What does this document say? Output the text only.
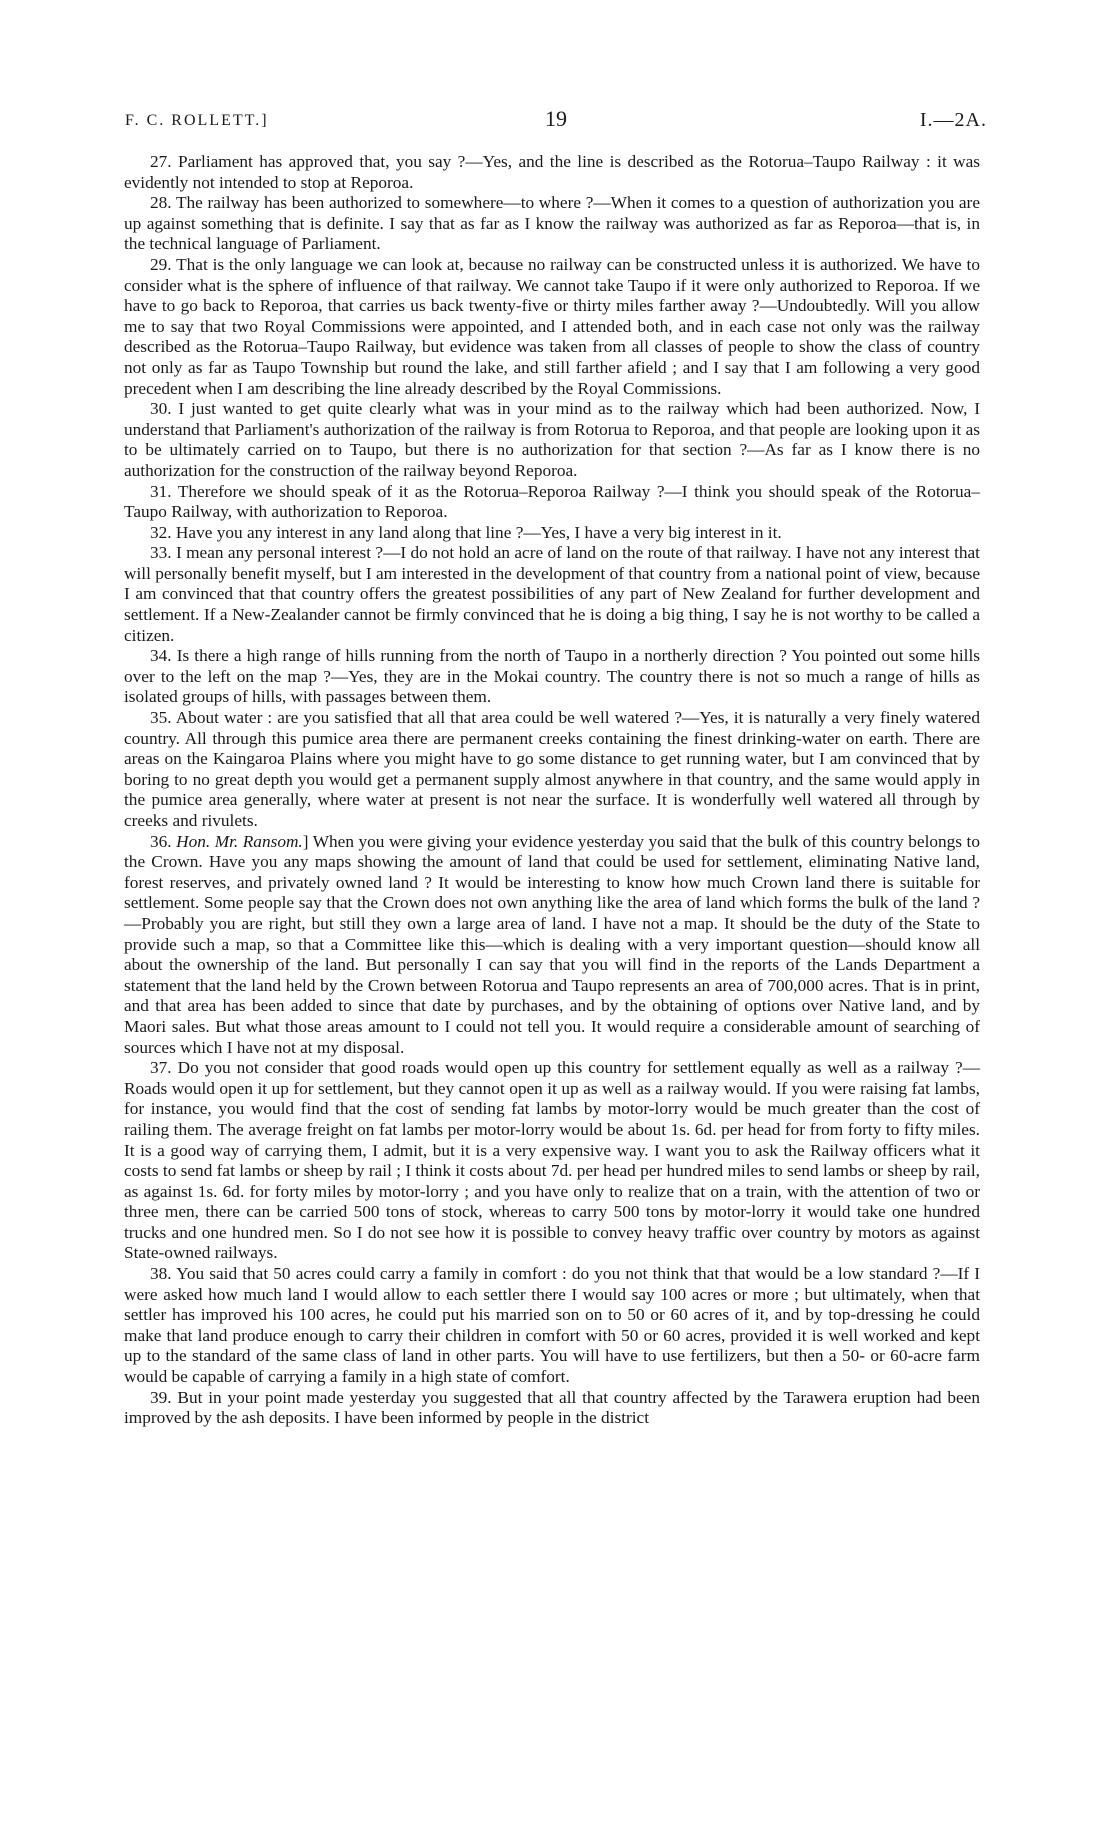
F. C. ROLLETT.]	19	I.—2A.

27. Parliament has approved that, you say ?—Yes, and the line is described as the Rotorua–Taupo Railway : it was evidently not intended to stop at Reporoa.

28. The railway has been authorized to somewhere—to where ?—When it comes to a question of authorization you are up against something that is definite. I say that as far as I know the railway was authorized as far as Reporoa—that is, in the technical language of Parliament.

29. That is the only language we can look at, because no railway can be constructed unless it is authorized. We have to consider what is the sphere of influence of that railway. We cannot take Taupo if it were only authorized to Reporoa. If we have to go back to Reporoa, that carries us back twenty-five or thirty miles farther away ?—Undoubtedly. Will you allow me to say that two Royal Commissions were appointed, and I attended both, and in each case not only was the railway described as the Rotorua–Taupo Railway, but evidence was taken from all classes of people to show the class of country not only as far as Taupo Township but round the lake, and still farther afield ; and I say that I am following a very good precedent when I am describing the line already described by the Royal Commissions.

30. I just wanted to get quite clearly what was in your mind as to the railway which had been authorized. Now, I understand that Parliament's authorization of the railway is from Rotorua to Reporoa, and that people are looking upon it as to be ultimately carried on to Taupo, but there is no authorization for that section ?—As far as I know there is no authorization for the construction of the railway beyond Reporoa.

31. Therefore we should speak of it as the Rotorua–Reporoa Railway ?—I think you should speak of the Rotorua–Taupo Railway, with authorization to Reporoa.

32. Have you any interest in any land along that line ?—Yes, I have a very big interest in it.

33. I mean any personal interest ?—I do not hold an acre of land on the route of that railway. I have not any interest that will personally benefit myself, but I am interested in the development of that country from a national point of view, because I am convinced that that country offers the greatest possibilities of any part of New Zealand for further development and settlement. If a New-Zealander cannot be firmly convinced that he is doing a big thing, I say he is not worthy to be called a citizen.

34. Is there a high range of hills running from the north of Taupo in a northerly direction ? You pointed out some hills over to the left on the map ?—Yes, they are in the Mokai country. The country there is not so much a range of hills as isolated groups of hills, with passages between them.

35. About water : are you satisfied that all that area could be well watered ?—Yes, it is naturally a very finely watered country. All through this pumice area there are permanent creeks containing the finest drinking-water on earth. There are areas on the Kaingaroa Plains where you might have to go some distance to get running water, but I am convinced that by boring to no great depth you would get a permanent supply almost anywhere in that country, and the same would apply in the pumice area generally, where water at present is not near the surface. It is wonderfully well watered all through by creeks and rivulets.

36. Hon. Mr. Ransom.] When you were giving your evidence yesterday you said that the bulk of this country belongs to the Crown. Have you any maps showing the amount of land that could be used for settlement, eliminating Native land, forest reserves, and privately owned land ? It would be interesting to know how much Crown land there is suitable for settlement. Some people say that the Crown does not own anything like the area of land which forms the bulk of the land ?—Probably you are right, but still they own a large area of land. I have not a map. It should be the duty of the State to provide such a map, so that a Committee like this—which is dealing with a very important question—should know all about the ownership of the land. But personally I can say that you will find in the reports of the Lands Department a statement that the land held by the Crown between Rotorua and Taupo represents an area of 700,000 acres. That is in print, and that area has been added to since that date by purchases, and by the obtaining of options over Native land, and by Maori sales. But what those areas amount to I could not tell you. It would require a considerable amount of searching of sources which I have not at my disposal.

37. Do you not consider that good roads would open up this country for settlement equally as well as a railway ?—Roads would open it up for settlement, but they cannot open it up as well as a railway would. If you were raising fat lambs, for instance, you would find that the cost of sending fat lambs by motor-lorry would be much greater than the cost of railing them. The average freight on fat lambs per motor-lorry would be about 1s. 6d. per head for from forty to fifty miles. It is a good way of carrying them, I admit, but it is a very expensive way. I want you to ask the Railway officers what it costs to send fat lambs or sheep by rail ; I think it costs about 7d. per head per hundred miles to send lambs or sheep by rail, as against 1s. 6d. for forty miles by motor-lorry ; and you have only to realize that on a train, with the attention of two or three men, there can be carried 500 tons of stock, whereas to carry 500 tons by motor-lorry it would take one hundred trucks and one hundred men. So I do not see how it is possible to convey heavy traffic over country by motors as against State-owned railways.

38. You said that 50 acres could carry a family in comfort : do you not think that that would be a low standard ?—If I were asked how much land I would allow to each settler there I would say 100 acres or more ; but ultimately, when that settler has improved his 100 acres, he could put his married son on to 50 or 60 acres of it, and by top-dressing he could make that land produce enough to carry their children in comfort with 50 or 60 acres, provided it is well worked and kept up to the standard of the same class of land in other parts. You will have to use fertilizers, but then a 50- or 60-acre farm would be capable of carrying a family in a high state of comfort.

39. But in your point made yesterday you suggested that all that country affected by the Tarawera eruption had been improved by the ash deposits. I have been informed by people in the district
